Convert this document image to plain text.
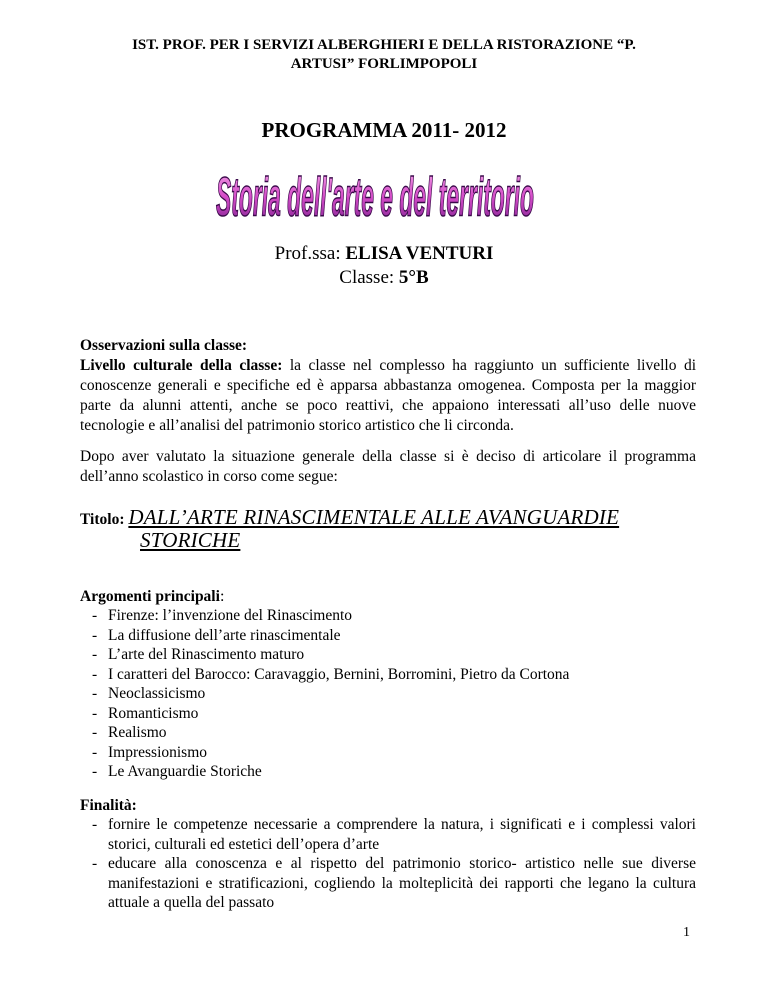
IST. PROF. PER I SERVIZI ALBERGHIERI E DELLA RISTORAZIONE “P.
ARTUSI” FORLIMPOPOLI
PROGRAMMA 2011- 2012
Storia dell'arte e del territorio
Prof.ssa: ELISA VENTURI
Classe: 5°B
Osservazioni sulla classe:
Livello culturale della classe: la classe nel complesso ha raggiunto un sufficiente livello di conoscenze generali e specifiche ed è apparsa abbastanza omogenea. Composta per la maggior parte da alunni attenti, anche se poco reattivi, che appaiono interessati all’uso delle nuove tecnologie e all’analisi del patrimonio storico artistico che li circonda.
Dopo aver valutato la situazione generale della classe si è deciso di articolare il programma dell’anno scolastico in corso come segue:
Titolo: DALL’ARTE RINASCIMENTALE ALLE AVANGUARDIE
STORICHE
Argomenti principali:
- Firenze: l’invenzione del Rinascimento
- La diffusione dell’arte rinascimentale
- L’arte del Rinascimento maturo
- I caratteri del Barocco: Caravaggio, Bernini, Borromini, Pietro da Cortona
- Neoclassicismo
- Romanticismo
- Realismo
- Impressionismo
- Le Avanguardie Storiche
Finalità:
- fornire le competenze necessarie a comprendere la natura, i significati e i complessi valori storici, culturali ed estetici dell’opera d’arte
- educare alla conoscenza e al rispetto del patrimonio storico- artistico nelle sue diverse manifestazioni e stratificazioni, cogliendo la molteplicità dei rapporti che legano la cultura attuale a quella del passato
1
